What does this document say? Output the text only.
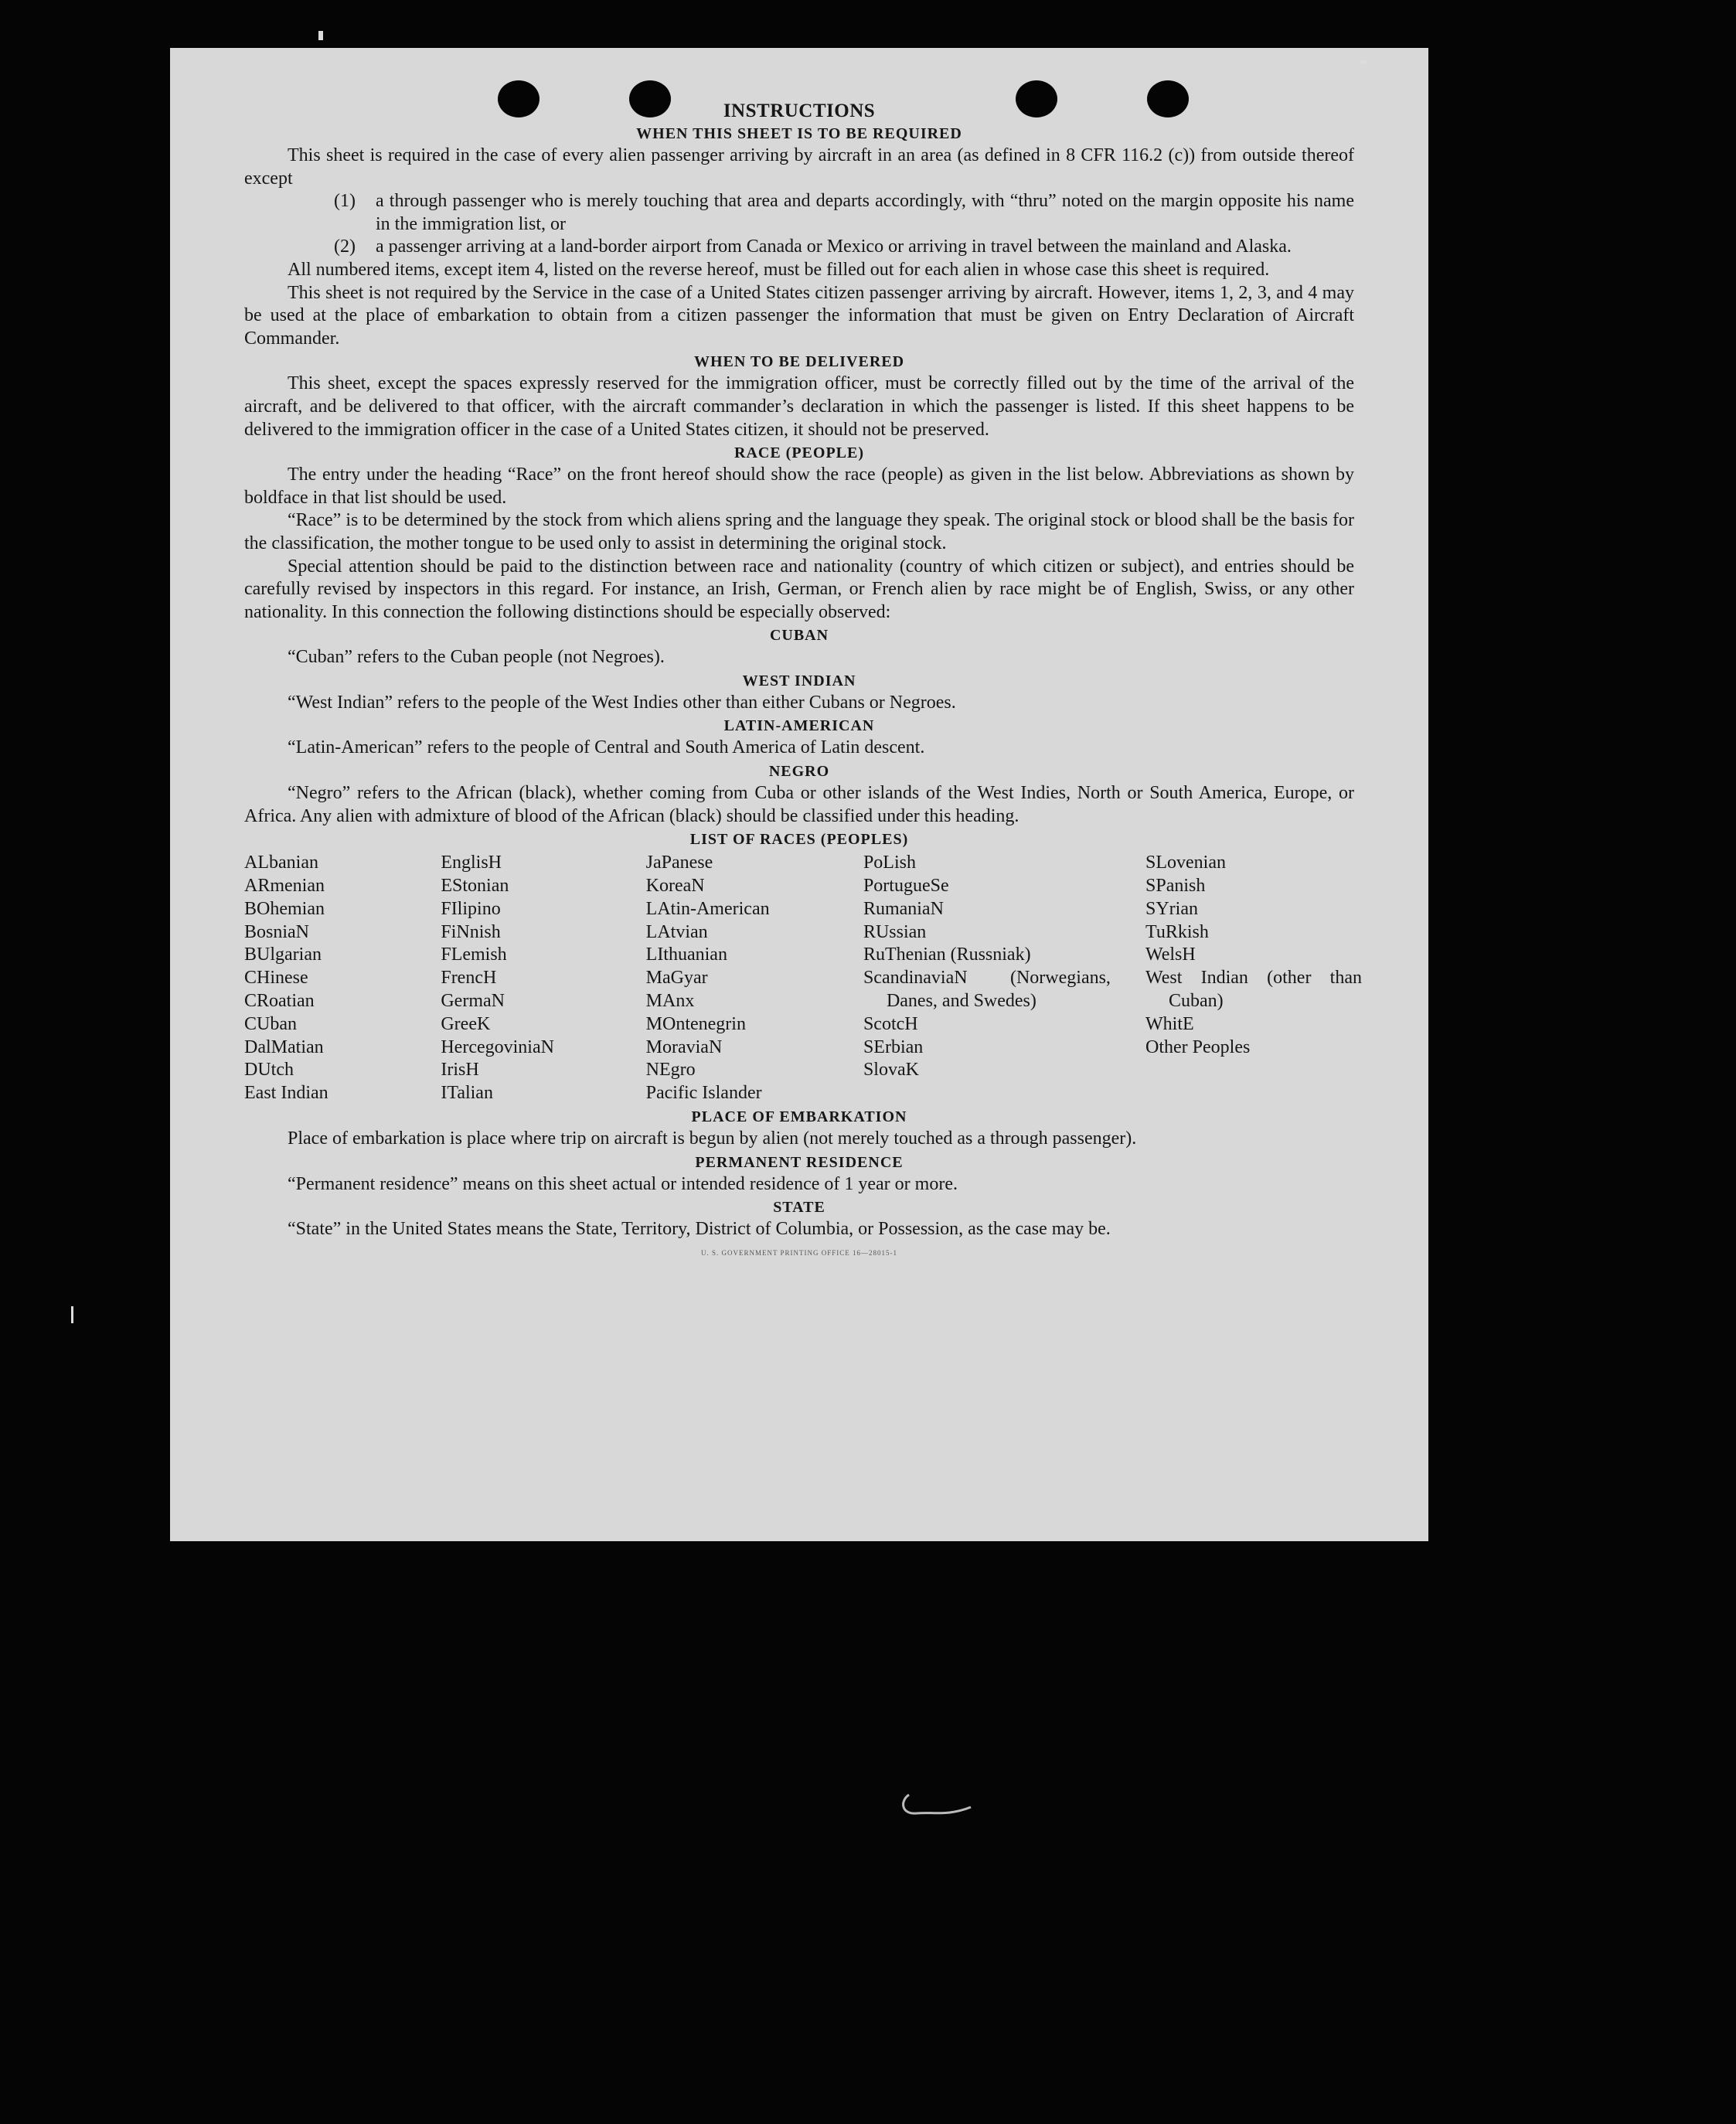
INSTRUCTIONS
WHEN THIS SHEET IS TO BE REQUIRED

This sheet is required in the case of every alien passenger arriving by aircraft in an area (as defined in 8 CFR 116.2 (c)) from outside thereof except

(1)	a through passenger who is merely touching that area and departs accordingly, with “thru” noted on the margin opposite his name in the immigration list, or
(2)	a passenger arriving at a land-border airport from Canada or Mexico or arriving in travel between the mainland and Alaska.

All numbered items, except item 4, listed on the reverse hereof, must be filled out for each alien in whose case this sheet is required.

This sheet is not required by the Service in the case of a United States citizen passenger arriving by aircraft. However, items 1, 2, 3, and 4 may be used at the place of embarkation to obtain from a citizen passenger the information that must be given on Entry Declaration of Aircraft Commander.

WHEN TO BE DELIVERED

This sheet, except the spaces expressly reserved for the immigration officer, must be correctly filled out by the time of the arrival of the aircraft, and be delivered to that officer, with the aircraft commander’s declaration in which the passenger is listed. If this sheet happens to be delivered to the immigration officer in the case of a United States citizen, it should not be preserved.

RACE (PEOPLE)

The entry under the heading “Race” on the front hereof should show the race (people) as given in the list below. Abbreviations as shown by boldface in that list should be used.

“Race” is to be determined by the stock from which aliens spring and the language they speak. The original stock or blood shall be the basis for the classification, the mother tongue to be used only to assist in determining the original stock.

Special attention should be paid to the distinction between race and nationality (country of which citizen or subject), and entries should be carefully revised by inspectors in this regard. For instance, an Irish, German, or French alien by race might be of English, Swiss, or any other nationality. In this connection the following distinctions should be especially observed:

CUBAN

“Cuban” refers to the Cuban people (not Negroes).

WEST INDIAN

“West Indian” refers to the people of the West Indies other than either Cubans or Negroes.

LATIN-AMERICAN

“Latin-American” refers to the people of Central and South America of Latin descent.

NEGRO

“Negro” refers to the African (black), whether coming from Cuba or other islands of the West Indies, North or South America, Europe, or Africa. Any alien with admixture of blood of the African (black) should be classified under this heading.

LIST OF RACES (PEOPLES)
ALbanian
ARmenian
BOhemian
BosniaN
BUlgarian
CHinese
CRoatian
CUban
DalMatian
DUtch
East Indian
EnglisH
EStonian
FIlipino
FiNnish
FLemish
FrencH
GermaN
GreeK
HercegoviniaN
IrisH
ITalian
JaPanese
KoreaN
LAtin-American
LAtvian
LIthuanian
MaGyar
MAnx
MOntenegrin
MoraviaN
NEgro
Pacific Islander
PoLish
PortugueSe
RumaniaN
RUssian
RuThenian (Russniak)
ScandinaviaN (Norwegians, Danes, and Swedes)
ScotcH
SErbian
SlovaK
SLovenian
SPanish
SYrian
TuRkish
WelsH
West Indian (other than Cuban)
WhitE
Other Peoples
PLACE OF EMBARKATION

Place of embarkation is place where trip on aircraft is begun by alien (not merely touched as a through passenger).

PERMANENT RESIDENCE

“Permanent residence” means on this sheet actual or intended residence of 1 year or more.

STATE

“State” in the United States means the State, Territory, District of Columbia, or Possession, as the case may be.

U. S. GOVERNMENT PRINTING OFFICE 16—28015-1
